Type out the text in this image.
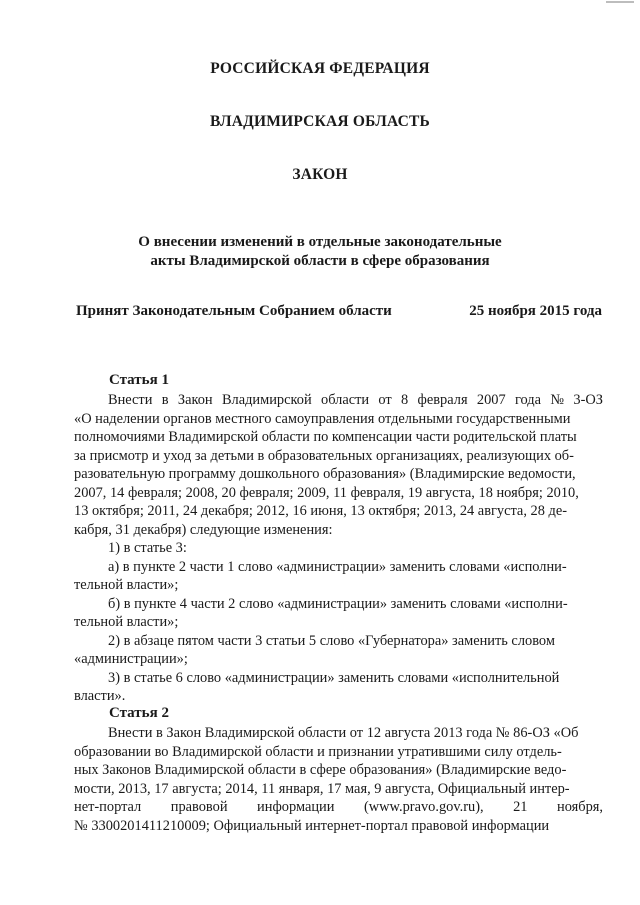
РОССИЙСКАЯ ФЕДЕРАЦИЯ
ВЛАДИМИРСКАЯ ОБЛАСТЬ
ЗАКОН
О внесении изменений в отдельные законодательные
акты Владимирской области в сфере образования
Принят Законодательным Собранием области	25 ноября 2015 года
Статья 1
Внести в Закон Владимирской области от 8 февраля 2007 года № 3-ОЗ
«О наделении органов местного самоуправления отдельными государственными
полномочиями Владимирской области по компенсации части родительской платы
за присмотр и уход за детьми в образовательных организациях, реализующих об-
разовательную программу дошкольного образования» (Владимирские ведомости,
2007, 14 февраля; 2008, 20 февраля; 2009, 11 февраля, 19 августа, 18 ноября; 2010,
13 октября; 2011, 24 декабря; 2012, 16 июня, 13 октября; 2013, 24 августа, 28 де-
кабря, 31 декабря) следующие изменения:
1) в статье 3:
а) в пункте 2 части 1 слово «администрации» заменить словами «исполни-
тельной власти»;
б) в пункте 4 части 2 слово «администрации» заменить словами «исполни-
тельной власти»;
2) в абзаце пятом части 3 статьи 5 слово «Губернатора» заменить словом
«администрации»;
3) в статье 6 слово «администрации» заменить словами «исполнительной
власти».
Статья 2
Внести в Закон Владимирской области от 12 августа 2013 года № 86-ОЗ «Об
образовании во Владимирской области и признании утратившими силу отдель-
ных Законов Владимирской области в сфере образования» (Владимирские ведо-
мости, 2013, 17 августа; 2014, 11 января, 17 мая, 9 августа, Официальный интер-
нет-портал правовой информации (www.pravo.gov.ru), 21 ноября,
№ 3300201411210009; Официальный интернет-портал правовой информации
